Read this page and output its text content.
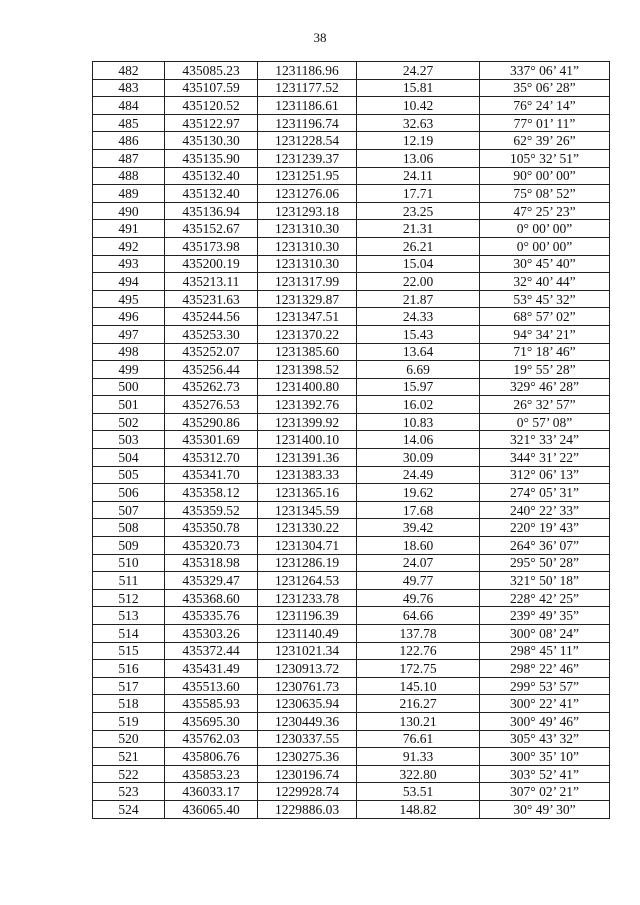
38
482	435085.23	1231186.96	24.27	337° 06’ 41”
483	435107.59	1231177.52	15.81	35° 06’ 28”
484	435120.52	1231186.61	10.42	76° 24’ 14”
485	435122.97	1231196.74	32.63	77° 01’ 11”
486	435130.30	1231228.54	12.19	62° 39’ 26”
487	435135.90	1231239.37	13.06	105° 32’ 51”
488	435132.40	1231251.95	24.11	90° 00’ 00”
489	435132.40	1231276.06	17.71	75° 08’ 52”
490	435136.94	1231293.18	23.25	47° 25’ 23”
491	435152.67	1231310.30	21.31	0° 00’ 00”
492	435173.98	1231310.30	26.21	0° 00’ 00”
493	435200.19	1231310.30	15.04	30° 45’ 40”
494	435213.11	1231317.99	22.00	32° 40’ 44”
495	435231.63	1231329.87	21.87	53° 45’ 32”
496	435244.56	1231347.51	24.33	68° 57’ 02”
497	435253.30	1231370.22	15.43	94° 34’ 21”
498	435252.07	1231385.60	13.64	71° 18’ 46”
499	435256.44	1231398.52	6.69	19° 55’ 28”
500	435262.73	1231400.80	15.97	329° 46’ 28”
501	435276.53	1231392.76	16.02	26° 32’ 57”
502	435290.86	1231399.92	10.83	0° 57’ 08”
503	435301.69	1231400.10	14.06	321° 33’ 24”
504	435312.70	1231391.36	30.09	344° 31’ 22”
505	435341.70	1231383.33	24.49	312° 06’ 13”
506	435358.12	1231365.16	19.62	274° 05’ 31”
507	435359.52	1231345.59	17.68	240° 22’ 33”
508	435350.78	1231330.22	39.42	220° 19’ 43”
509	435320.73	1231304.71	18.60	264° 36’ 07”
510	435318.98	1231286.19	24.07	295° 50’ 28”
511	435329.47	1231264.53	49.77	321° 50’ 18”
512	435368.60	1231233.78	49.76	228° 42’ 25”
513	435335.76	1231196.39	64.66	239° 49’ 35”
514	435303.26	1231140.49	137.78	300° 08’ 24”
515	435372.44	1231021.34	122.76	298° 45’ 11”
516	435431.49	1230913.72	172.75	298° 22’ 46”
517	435513.60	1230761.73	145.10	299° 53’ 57”
518	435585.93	1230635.94	216.27	300° 22’ 41”
519	435695.30	1230449.36	130.21	300° 49’ 46”
520	435762.03	1230337.55	76.61	305° 43’ 32”
521	435806.76	1230275.36	91.33	300° 35’ 10”
522	435853.23	1230196.74	322.80	303° 52’ 41”
523	436033.17	1229928.74	53.51	307° 02’ 21”
524	436065.40	1229886.03	148.82	30° 49’ 30”
